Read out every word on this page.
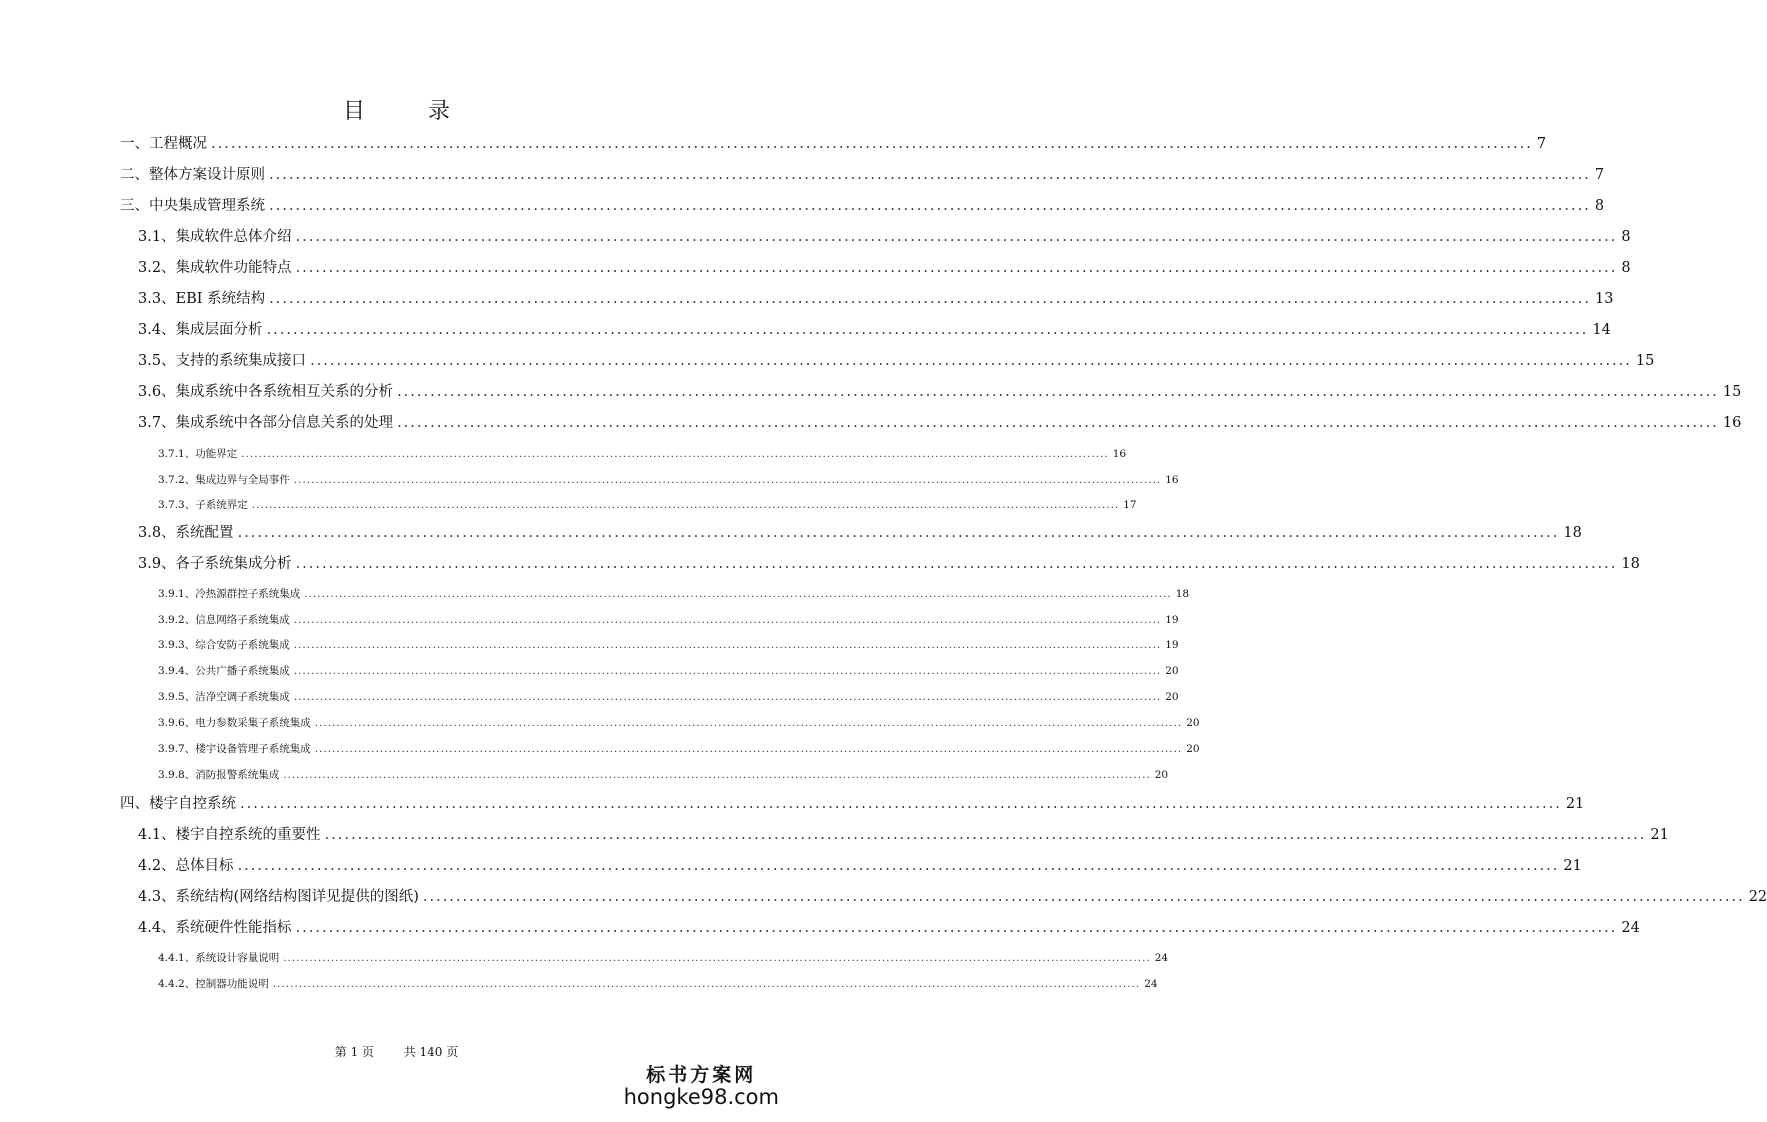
目 录
一、工程概况 ........................................................................................................................................................................................................ 7
二、整体方案设计原则 ........................................................................................................................................................................................................ 7
三、中央集成管理系统 ........................................................................................................................................................................................................ 8
3.1、集成软件总体介绍 ........................................................................................................................................................................................................ 8
3.2、集成软件功能特点 ........................................................................................................................................................................................................ 8
3.3、EBI 系统结构 ........................................................................................................................................................................................................ 13
3.4、集成层面分析 ........................................................................................................................................................................................................ 14
3.5、支持的系统集成接口 ........................................................................................................................................................................................................ 15
3.6、集成系统中各系统相互关系的分析 ........................................................................................................................................................................................................ 15
3.7、集成系统中各部分信息关系的处理 ........................................................................................................................................................................................................ 16
3.7.1、功能界定 ........................................................................................................................................................................................................ 16
3.7.2、集成边界与全局事件 ........................................................................................................................................................................................................ 16
3.7.3、子系统界定 ........................................................................................................................................................................................................ 17
3.8、系统配置 ........................................................................................................................................................................................................ 18
3.9、各子系统集成分析 ........................................................................................................................................................................................................ 18
3.9.1、冷热源群控子系统集成 ........................................................................................................................................................................................................ 18
3.9.2、信息网络子系统集成 ........................................................................................................................................................................................................ 19
3.9.3、综合安防子系统集成 ........................................................................................................................................................................................................ 19
3.9.4、公共广播子系统集成 ........................................................................................................................................................................................................ 20
3.9.5、洁净空调子系统集成 ........................................................................................................................................................................................................ 20
3.9.6、电力参数采集子系统集成 ........................................................................................................................................................................................................ 20
3.9.7、楼宇设备管理子系统集成 ........................................................................................................................................................................................................ 20
3.9.8、消防报警系统集成 ........................................................................................................................................................................................................ 20
四、楼宇自控系统 ........................................................................................................................................................................................................ 21
4.1、楼宇自控系统的重要性 ........................................................................................................................................................................................................ 21
4.2、总体目标 ........................................................................................................................................................................................................ 21
4.3、系统结构(网络结构图详见提供的图纸) ........................................................................................................................................................................................................ 22
4.4、系统硬件性能指标 ........................................................................................................................................................................................................ 24
4.4.1、系统设计容量说明 ........................................................................................................................................................................................................ 24
4.4.2、控制器功能说明 ........................................................................................................................................................................................................ 24
第 1 页 共 140 页
标书方案网
hongke98.com
